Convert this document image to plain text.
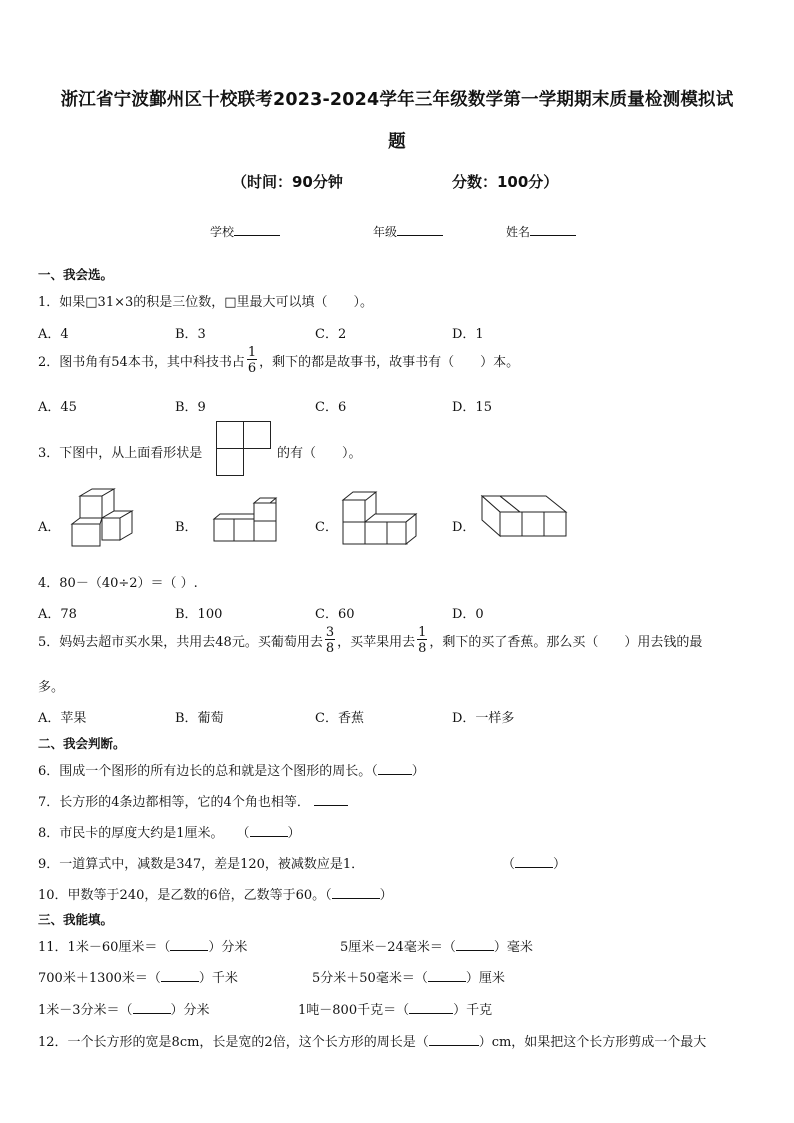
浙江省宁波鄞州区十校联考2023-2024学年三年级数学第一学期期末质量检测模拟试
题
（时间：90分钟	分数：100分）
学校	年级	姓名
一、我会选。
1．如果□31×3的积是三位数，□里最大可以填（　　）。
A．4	B．3	C．2	D．1
2．图书角有54本书，其中科技书占 $\frac{1}{6}$ ，剩下的都是故事书，故事书有（　　）本。
A．45	B．9	C．6	D．15
3．下图中，从上面看形状是	的有（　　）。
A．	B．	C．	D．
4．80－（40÷2）＝（ ）.
A．78	B．100	C．60	D．0
5．妈妈去超市买水果，共用去48元。买葡萄用去 $\frac{3}{8}$ ，买苹果用去 $\frac{1}{8}$ ，剩下的买了香蕉。那么买（　　）用去钱的最
多。
A．苹果	B．葡萄	C．香蕉	D．一样多
二、我会判断。
6．围成一个图形的所有边长的总和就是这个图形的周长。（	）
7．长方形的4条边都相等，它的4个角也相等．
8．市民卡的厚度大约是1厘米。　　（	）
9．一道算式中，减数是347，差是120，被减数应是1．	（	）
10．甲数等于240，是乙数的6倍，乙数等于60。（	）
三、我能填。
11．1米－60厘米＝（	）分米	5厘米－24毫米＝（	）毫米
700米＋1300米＝（	）千米	5分米＋50毫米＝（	）厘米
1米－3分米＝（	）分米	1吨－800千克＝（	）千克
12．一个长方形的宽是8cm，长是宽的2倍，这个长方形的周长是（	）cm，如果把这个长方形剪成一个最大
